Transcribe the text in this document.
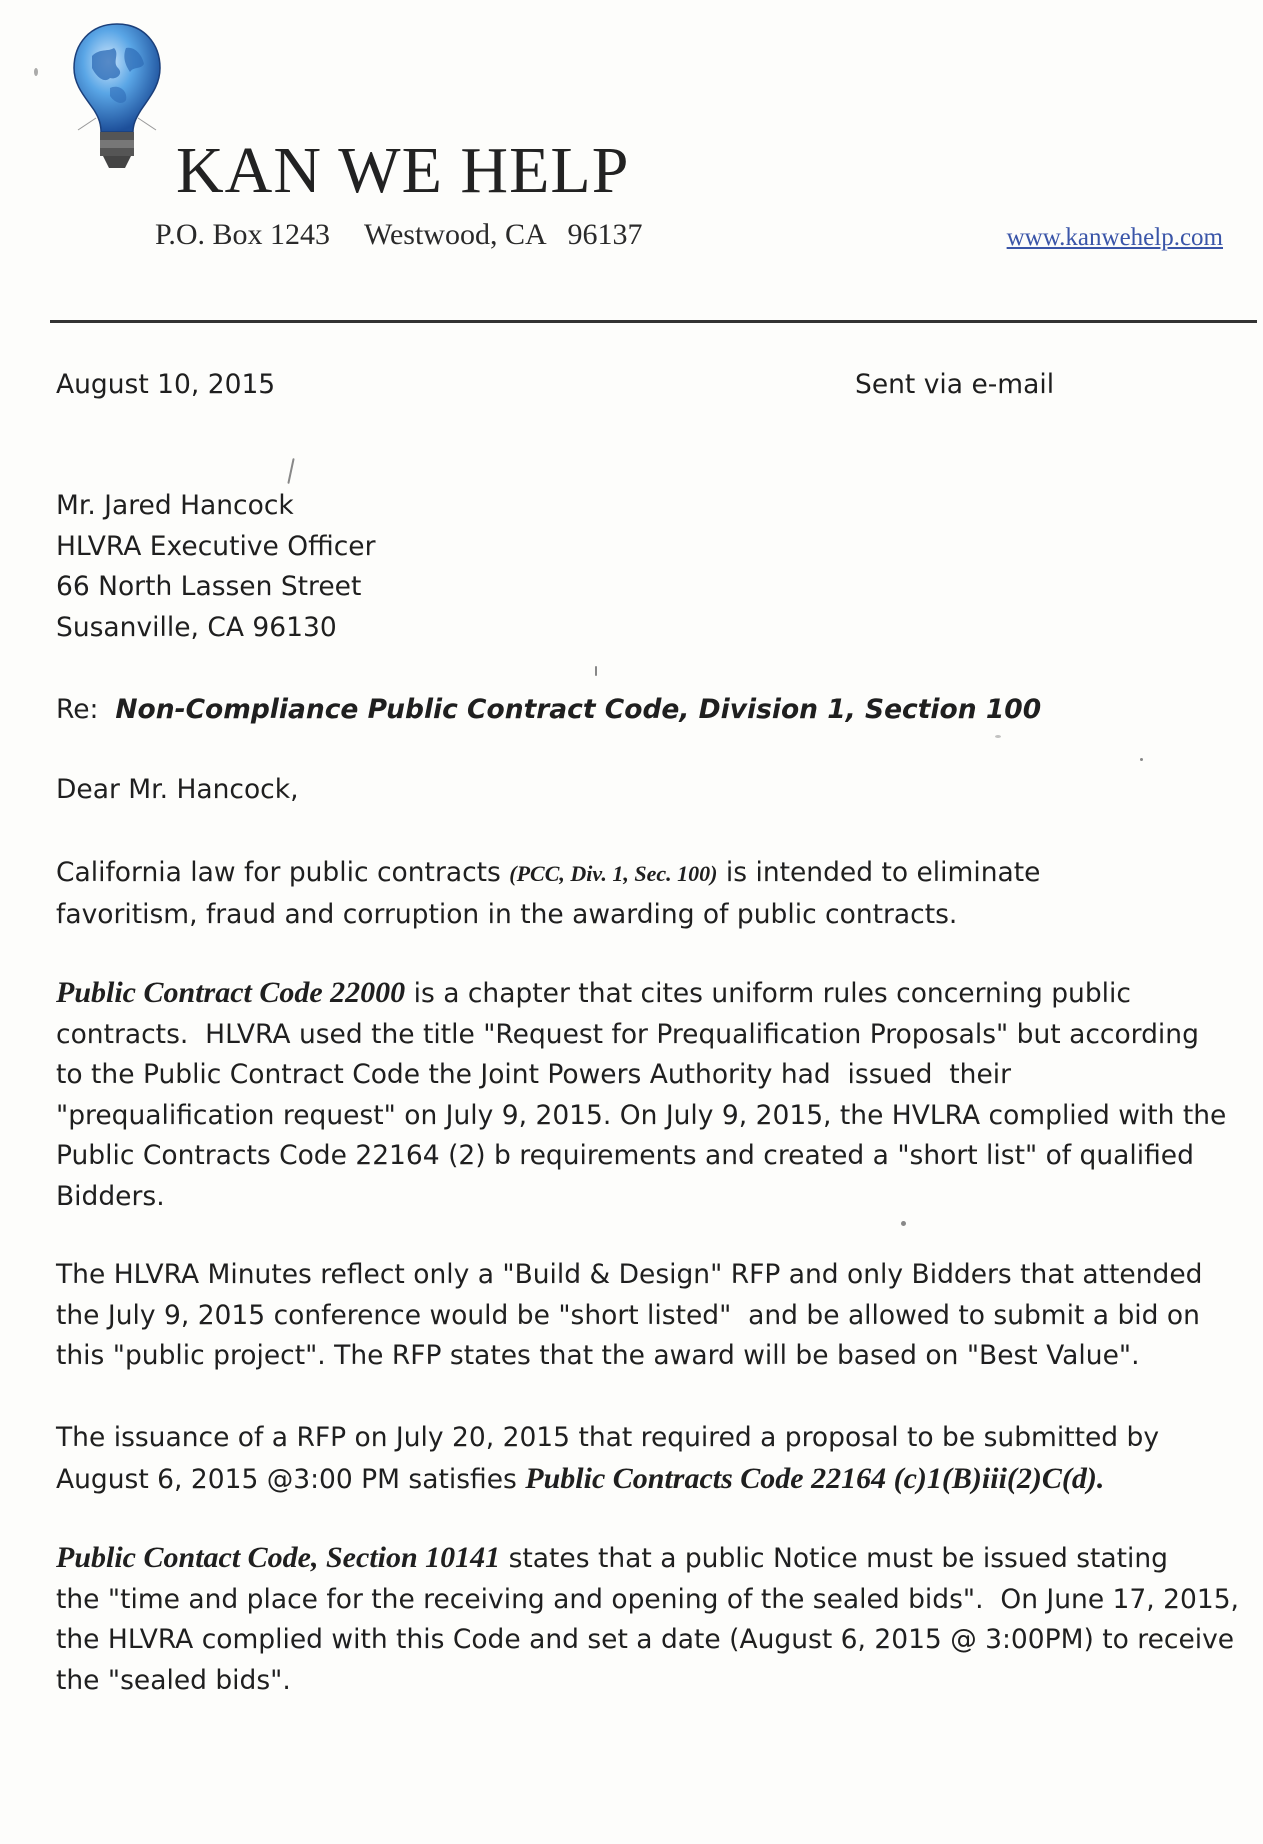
KAN WE HELP
P.O. Box 1243 Westwood, CA   96137	www.kanwehelp.com
August 10, 2015	Sent via e-mail
Mr. Jared Hancock
HLVRA Executive Officer
66 North Lassen Street
Susanville, CA 96130
Re: Non-Compliance Public Contract Code, Division 1, Section 100
Dear Mr. Hancock,
California law for public contracts (PCC, Div. 1, Sec. 100) is intended to eliminate
favoritism, fraud and corruption in the awarding of public contracts.
Public Contract Code 22000 is a chapter that cites uniform rules concerning public
contracts.  HLVRA used the title "Request for Prequalification Proposals" but according
to the Public Contract Code the Joint Powers Authority had  issued  their
"prequalification request" on July 9, 2015. On July 9, 2015, the HVLRA complied with the
Public Contracts Code 22164 (2) b requirements and created a "short list" of qualified
Bidders.
The HLVRA Minutes reflect only a "Build & Design" RFP and only Bidders that attended
the July 9, 2015 conference would be "short listed"  and be allowed to submit a bid on
this "public project". The RFP states that the award will be based on "Best Value".
The issuance of a RFP on July 20, 2015 that required a proposal to be submitted by
August 6, 2015 @3:00 PM satisfies Public Contracts Code 22164 (c)1(B)iii(2)C(d).
Public Contact Code, Section 10141 states that a public Notice must be issued stating
the "time and place for the receiving and opening of the sealed bids".  On June 17, 2015,
the HLVRA complied with this Code and set a date (August 6, 2015 @ 3:00PM) to receive
the "sealed bids".
